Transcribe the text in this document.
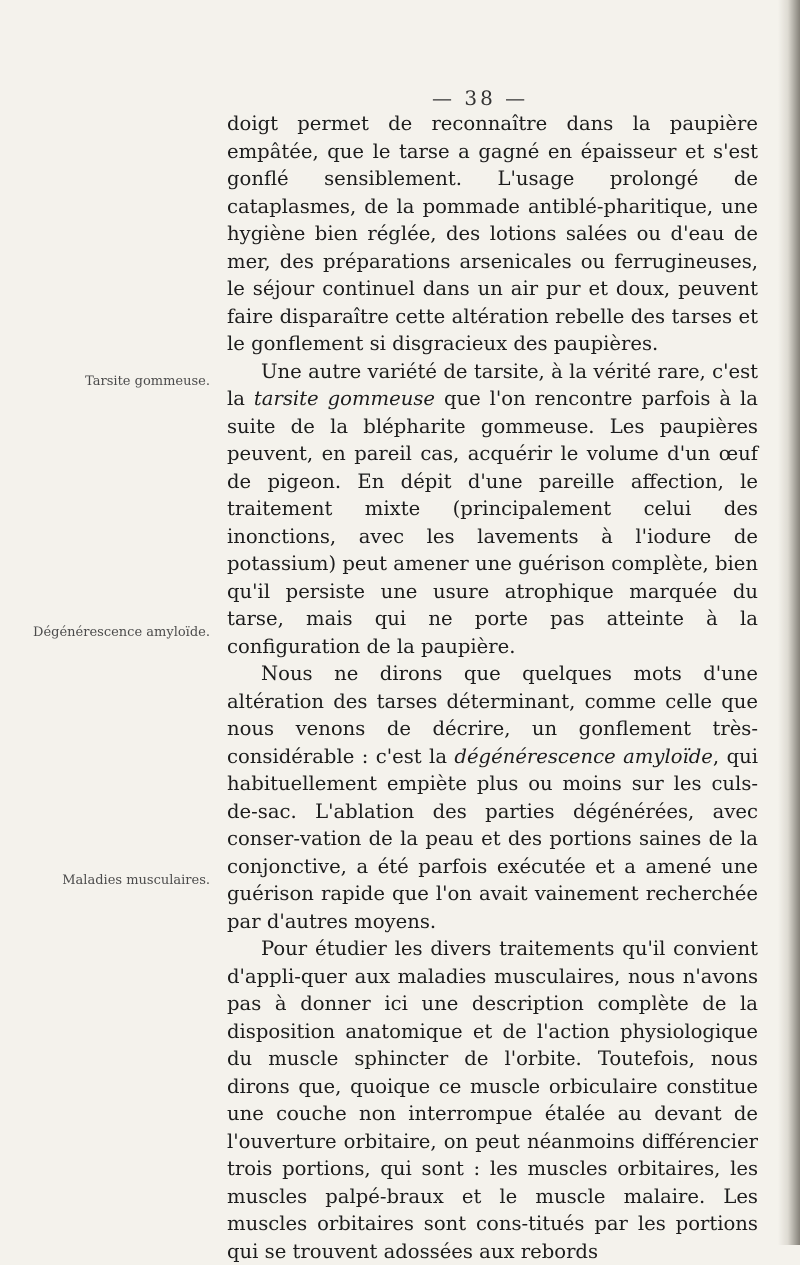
— 38 —
Tarsite gommeuse.
Dégénérescence amyloïde.
Maladies musculaires.

doigt permet de reconnaître dans la paupière empâtée, que le tarse a gagné en épaisseur et s'est gonflé sensiblement. L'usage prolongé de cataplasmes, de la pommade antiblé-pharitique, une hygiène bien réglée, des lotions salées ou d'eau de mer, des préparations arsenicales ou ferrugineuses, le séjour continuel dans un air pur et doux, peuvent faire disparaître cette altération rebelle des tarses et le gonflement si disgracieux des paupières.

Une autre variété de tarsite, à la vérité rare, c'est la tarsite gommeuse que l'on rencontre parfois à la suite de la blépharite gommeuse. Les paupières peuvent, en pareil cas, acquérir le volume d'un œuf de pigeon. En dépit d'une pareille affection, le traitement mixte (principalement celui des inonctions, avec les lavements à l'iodure de potassium) peut amener une guérison complète, bien qu'il persiste une usure atrophique marquée du tarse, mais qui ne porte pas atteinte à la configuration de la paupière.

Nous ne dirons que quelques mots d'une altération des tarses déterminant, comme celle que nous venons de décrire, un gonflement très-considérable : c'est la dégénérescence amyloïde, qui habituellement empiète plus ou moins sur les culs-de-sac. L'ablation des parties dégénérées, avec conser-vation de la peau et des portions saines de la conjonctive, a été parfois exécutée et a amené une guérison rapide que l'on avait vainement recherchée par d'autres moyens.

Pour étudier les divers traitements qu'il convient d'appli-quer aux maladies musculaires, nous n'avons pas à donner ici une description complète de la disposition anatomique et de l'action physiologique du muscle sphincter de l'orbite. Toutefois, nous dirons que, quoique ce muscle orbiculaire constitue une couche non interrompue étalée au devant de l'ouverture orbitaire, on peut néanmoins différencier trois portions, qui sont : les muscles orbitaires, les muscles palpé-braux et le muscle malaire. Les muscles orbitaires sont cons-titués par les portions qui se trouvent adossées aux rebords
